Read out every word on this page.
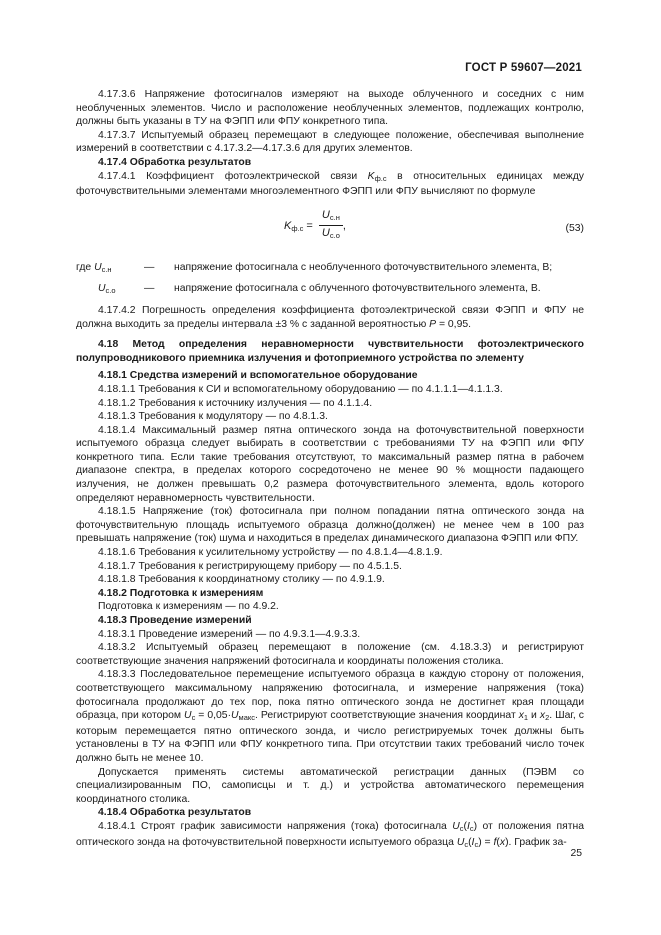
ГОСТ Р 59607—2021

4.17.3.6 Напряжение фотосигналов измеряют на выходе облученного и соседних с ним необлученных элементов. Число и расположение необлученных элементов, подлежащих контролю, должны быть указаны в ТУ на ФЭПП или ФПУ конкретного типа.

4.17.3.7 Испытуемый образец перемещают в следующее положение, обеспечивая выполнение измерений в соответствии с 4.17.3.2—4.17.3.6 для других элементов.

4.17.4 Обработка результатов

4.17.4.1 Коэффициент фотоэлектрической связи $K_{ф.с}$ в относительных единицах между фоточувствительными элементами многоэлементного ФЭПП или ФПУ вычисляют по формуле

$K_{ф.с} = \frac{U_{с.н}}{U_{с.о}}$ ,	(53)
где $U_{с.н}$	—	напряжение фотосигнала с необлученного фоточувствительного элемента, В;
$U_{с.о}$	—	напряжение фотосигнала с облученного фоточувствительного элемента, В.

4.17.4.2 Погрешность определения коэффициента фотоэлектрической связи ФЭПП и ФПУ не должна выходить за пределы интервала ±3 % с заданной вероятностью P = 0,95.

4.18 Метод определения неравномерности чувствительности фотоэлектрического полупроводникового приемника излучения и фотоприемного устройства по элементу

4.18.1 Средства измерений и вспомогательное оборудование

4.18.1.1 Требования к СИ и вспомогательному оборудованию — по 4.1.1.1—4.1.1.3.

4.18.1.2 Требования к источнику излучения — по 4.1.1.4.

4.18.1.3 Требования к модулятору — по 4.8.1.3.

4.18.1.4 Максимальный размер пятна оптического зонда на фоточувствительной поверхности испытуемого образца следует выбирать в соответствии с требованиями ТУ на ФЭПП или ФПУ конкретного типа. Если такие требования отсутствуют, то максимальный размер пятна в рабочем диапазоне спектра, в пределах которого сосредоточено не менее 90 % мощности падающего излучения, не должен превышать 0,2 размера фоточувствительного элемента, вдоль которого определяют неравномерность чувствительности.

4.18.1.5 Напряжение (ток) фотосигнала при полном попадании пятна оптического зонда на фоточувствительную площадь испытуемого образца должно(должен) не менее чем в 100 раз превышать напряжение (ток) шума и находиться в пределах динамического диапазона ФЭПП или ФПУ.

4.18.1.6 Требования к усилительному устройству — по 4.8.1.4—4.8.1.9.

4.18.1.7 Требования к регистрирующему прибору — по 4.5.1.5.

4.18.1.8 Требования к координатному столику — по 4.9.1.9.

4.18.2 Подготовка к измерениям

Подготовка к измерениям — по 4.9.2.

4.18.3 Проведение измерений

4.18.3.1 Проведение измерений — по 4.9.3.1—4.9.3.3.

4.18.3.2 Испытуемый образец перемещают в положение (см. 4.18.3.3) и регистрируют соответствующие значения напряжений фотосигнала и координаты положения столика.

4.18.3.3 Последовательное перемещение испытуемого образца в каждую сторону от положения, соответствующего максимальному напряжению фотосигнала, и измерение напряжения (тока) фотосигнала продолжают до тех пор, пока пятно оптического зонда не достигнет края площади образца, при котором $U_с = 0,05\cdot U_{макс}$. Регистрируют соответствующие значения координат $x_1$ и $x_2$. Шаг, с которым перемещается пятно оптического зонда, и число регистрируемых точек должны быть установлены в ТУ на ФЭПП или ФПУ конкретного типа. При отсутствии таких требований число точек должно быть не менее 10.

Допускается применять системы автоматической регистрации данных (ПЭВМ со специализированным ПО, самописцы и т. д.) и устройства автоматического перемещения координатного столика.

4.18.4 Обработка результатов

4.18.4.1 Строят график зависимости напряжения (тока) фотосигнала $U_с(I_с)$ от положения пятна оптического зонда на фоточувствительной поверхности испытуемого образца $U_с(I_с) = f(x)$. График за-

25
